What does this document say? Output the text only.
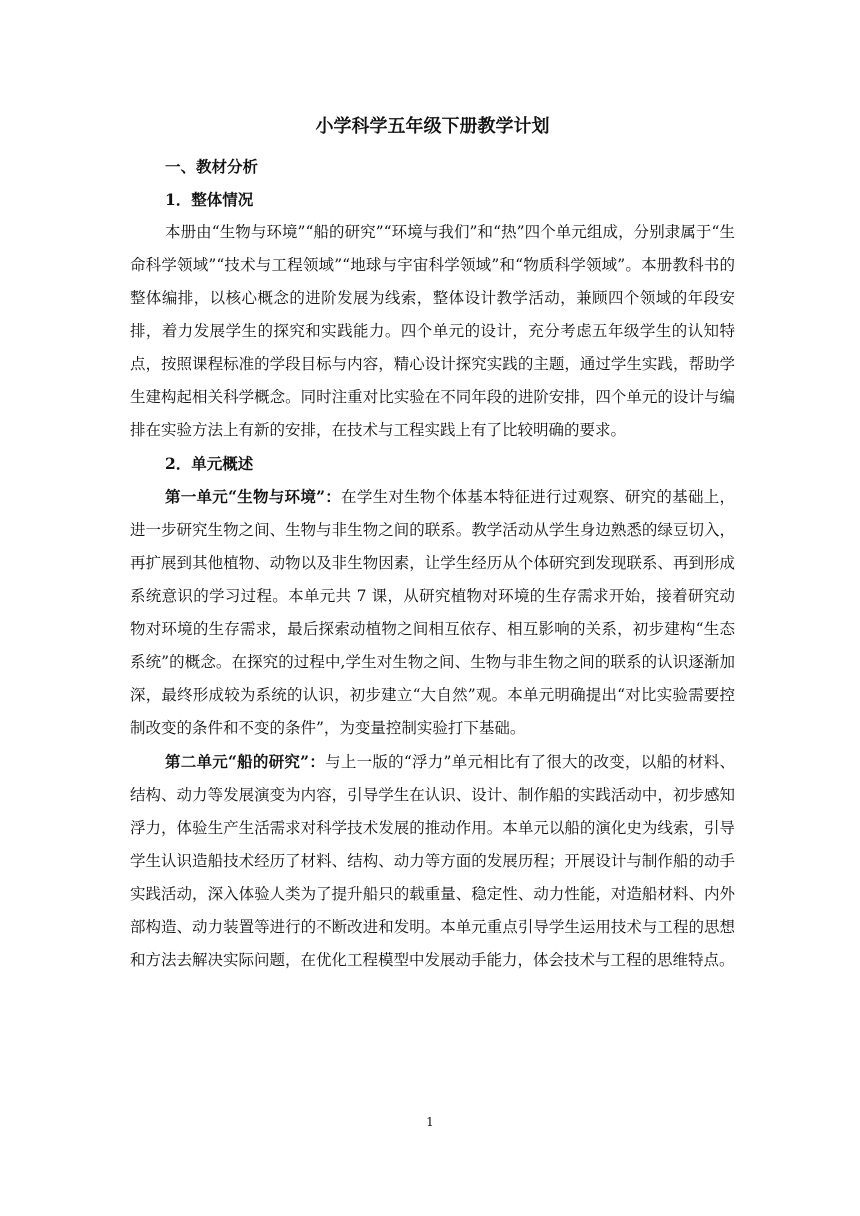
小学科学五年级下册教学计划

一、教材分析

1．整体情况

本册由“生物与环境”“船的研究”“环境与我们”和“热”四个单元组成，分别隶属于“生命科学领域”“技术与工程领域”“地球与宇宙科学领域”和“物质科学领域”。本册教科书的整体编排，以核心概念的进阶发展为线索，整体设计教学活动，兼顾四个领域的年段安排，着力发展学生的探究和实践能力。四个单元的设计，充分考虑五年级学生的认知特点，按照课程标准的学段目标与内容，精心设计探究实践的主题，通过学生实践，帮助学生建构起相关科学概念。同时注重对比实验在不同年段的进阶安排，四个单元的设计与编排在实验方法上有新的安排，在技术与工程实践上有了比较明确的要求。

2．单元概述

第一单元“生物与环境”：在学生对生物个体基本特征进行过观察、研究的基础上，进一步研究生物之间、生物与非生物之间的联系。教学活动从学生身边熟悉的绿豆切入，再扩展到其他植物、动物以及非生物因素，让学生经历从个体研究到发现联系、再到形成系统意识的学习过程。本单元共 7 课，从研究植物对环境的生存需求开始，接着研究动物对环境的生存需求，最后探索动植物之间相互依存、相互影响的关系，初步建构“生态系统”的概念。在探究的过程中,学生对生物之间、生物与非生物之间的联系的认识逐渐加深，最终形成较为系统的认识，初步建立“大自然”观。本单元明确提出“对比实验需要控制改变的条件和不变的条件”，为变量控制实验打下基础。

第二单元“船的研究”：与上一版的“浮力”单元相比有了很大的改变，以船的材料、结构、动力等发展演变为内容，引导学生在认识、设计、制作船的实践活动中，初步感知浮力，体验生产生活需求对科学技术发展的推动作用。本单元以船的演化史为线索，引导学生认识造船技术经历了材料、结构、动力等方面的发展历程；开展设计与制作船的动手实践活动，深入体验人类为了提升船只的载重量、稳定性、动力性能，对造船材料、内外部构造、动力装置等进行的不断改进和发明。本单元重点引导学生运用技术与工程的思想和方法去解决实际问题，在优化工程模型中发展动手能力，体会技术与工程的思维特点。

1
